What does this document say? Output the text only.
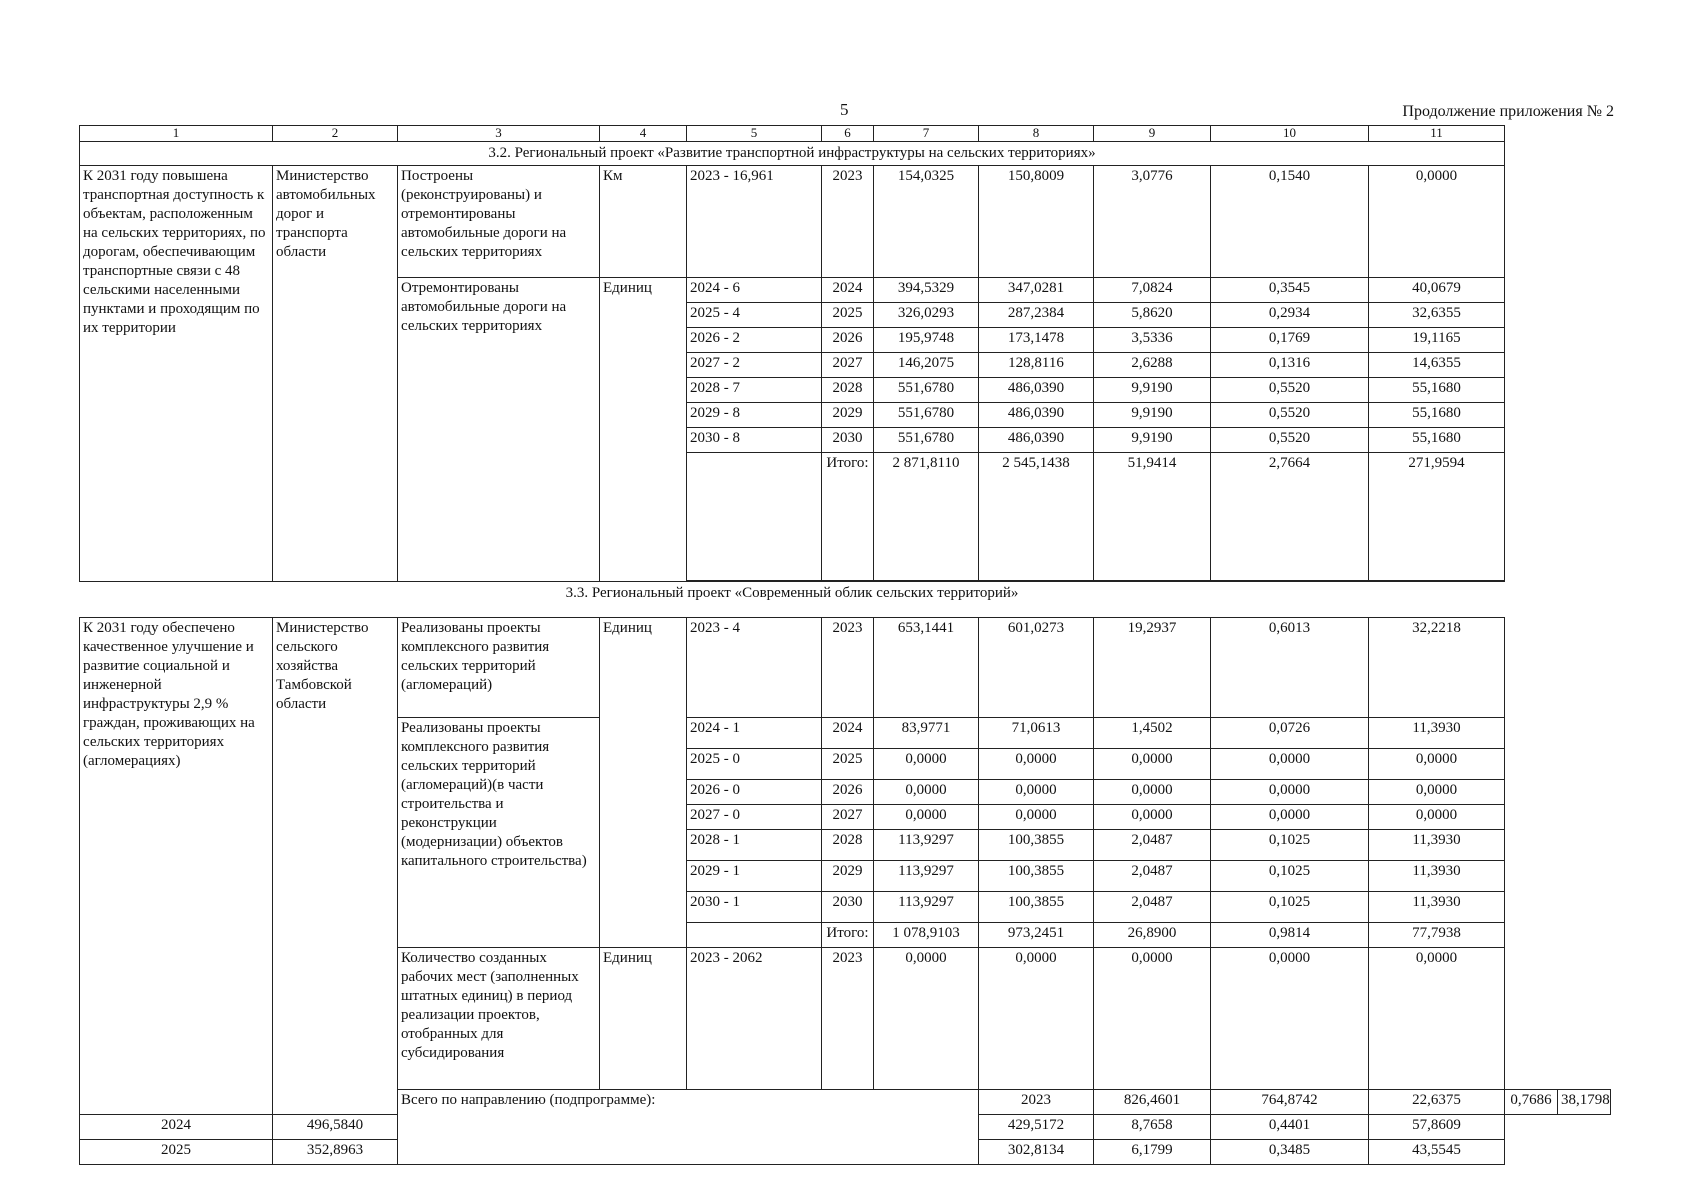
5	Продолжение приложения № 2
1	2	3	4	5	6	7	8	9	10	11		
3.2. Региональный проект «Развитие транспортной инфраструктуры на сельских территориях»												
К 2031 году повышена транспортная доступность к объектам, расположенным на сельских территориях, по дорогам, обеспечивающим транспортные связи с 48 сельскими населенными пунктами и проходящим по их территории	Министерство автомобильных дорог и транспорта области	Построены (реконструированы) и отремонтированы автомобильные дороги на сельских территориях	Км	2023 - 16,961	2023	154,0325	150,8009	3,0776	0,1540	0,0000		
		Отремонтированы автомобильные дороги на сельских территориях	Единиц	2024 - 6	2024	394,5329	347,0281	7,0824	0,3545	40,0679		
				2025 - 4	2025	326,0293	287,2384	5,8620	0,2934	32,6355		
				2026 - 2	2026	195,9748	173,1478	3,5336	0,1769	19,1165		
				2027 - 2	2027	146,2075	128,8116	2,6288	0,1316	14,6355		
				2028 - 7	2028	551,6780	486,0390	9,9190	0,5520	55,1680		
				2029 - 8	2029	551,6780	486,0390	9,9190	0,5520	55,1680		
				2030 - 8	2030	551,6780	486,0390	9,9190	0,5520	55,1680		
					Итого:	2 871,8110	2 545,1438	51,9414	2,7664	271,9594		

3.3. Региональный проект «Современный облик сельских территорий»												
К 2031 году обеспечено качественное улучшение и развитие социальной и инженерной инфраструктуры 2,9 % граждан, проживающих на сельских территориях (агломерациях)	Министерство сельского хозяйства Тамбовской области	Реализованы проекты комплексного развития сельских территорий (агломераций)	Единиц	2023 - 4	2023	653,1441	601,0273	19,2937	0,6013	32,2218		
		Реализованы проекты комплексного развития сельских территорий (агломераций)(в части строительства и реконструкции (модернизации) объектов капитального строительства)		2024 - 1	2024	83,9771	71,0613	1,4502	0,0726	11,3930		
				2025 - 0	2025	0,0000	0,0000	0,0000	0,0000	0,0000		
				2026 - 0	2026	0,0000	0,0000	0,0000	0,0000	0,0000		
				2027 - 0	2027	0,0000	0,0000	0,0000	0,0000	0,0000		
				2028 - 1	2028	113,9297	100,3855	2,0487	0,1025	11,3930		
				2029 - 1	2029	113,9297	100,3855	2,0487	0,1025	11,3930		
				2030 - 1	2030	113,9297	100,3855	2,0487	0,1025	11,3930		
					Итого:	1 078,9103	973,2451	26,8900	0,9814	77,7938		
		Количество созданных рабочих мест (заполненных штатных единиц) в период реализации проектов, отобранных для субсидирования	Единиц	2023 - 2062	2023	0,0000	0,0000	0,0000	0,0000	0,0000		
		Всего по направлению (подпрограмме):					2023	826,4601	764,8742	22,6375	0,7686	38,1798
2024	496,5840						429,5172	8,7658	0,4401	57,8609		
2025	352,8963						302,8134	6,1799	0,3485	43,5545		
